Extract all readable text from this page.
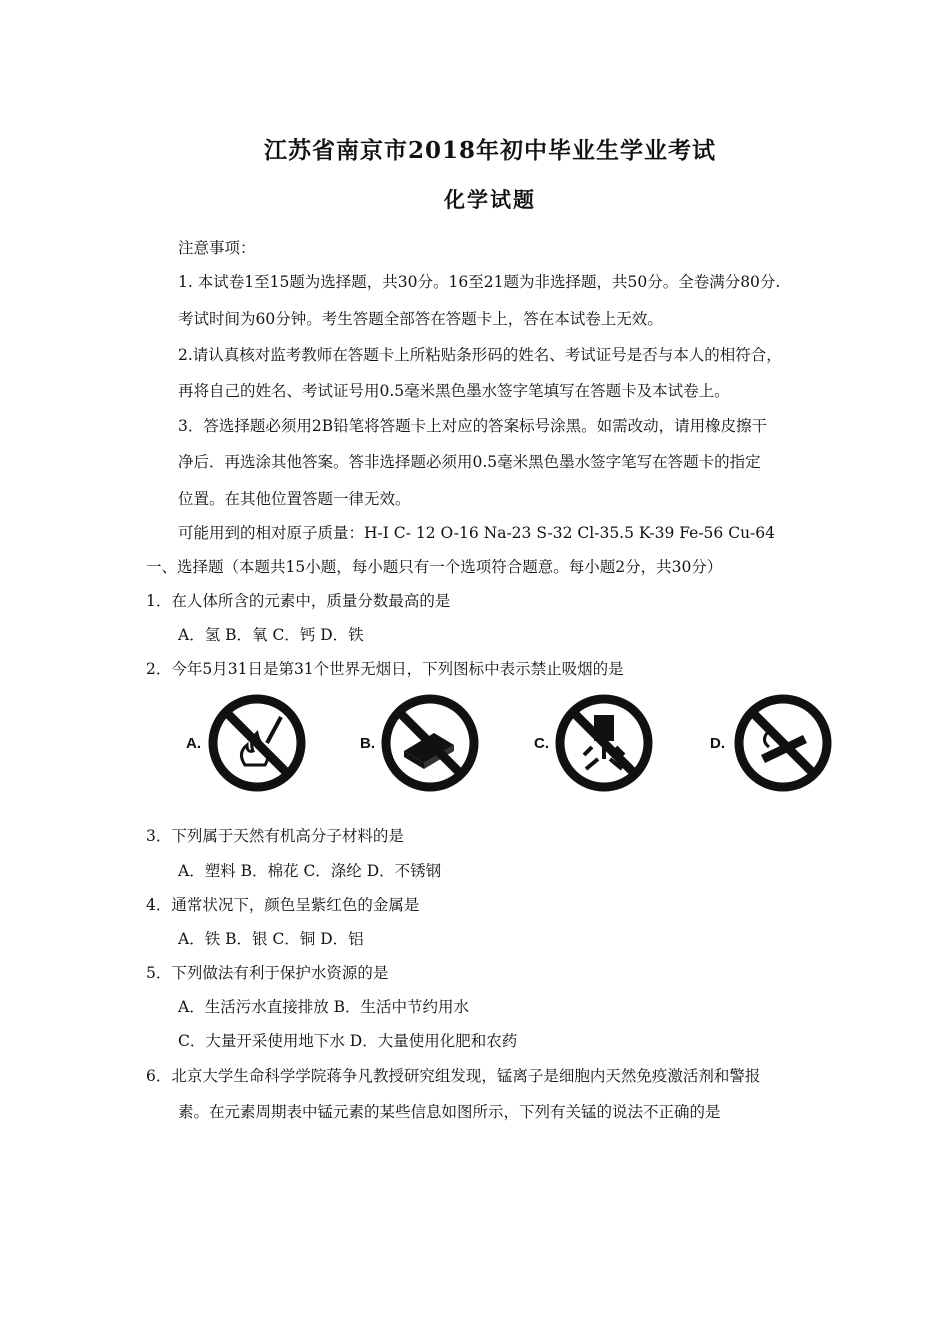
江苏省南京市2018年初中毕业生学业考试
化学试题
注意事项：
1. 本试卷1至15题为选择题，共30分。16至21题为非选择题，共50分。全卷满分80分.
考试时间为60分钟。考生答题全部答在答题卡上，答在本试卷上无效。
2.请认真核对监考教师在答题卡上所粘贴条形码的姓名、考试证号是否与本人的相符合，
再将自己的姓名、考试证号用0.5毫米黑色墨水签字笔填写在答题卡及本试卷上。
3．答选择题必须用2B铅笔将答题卡上对应的答案标号涂黑。如需改动，请用橡皮擦干
净后．再选涂其他答案。答非选择题必须用0.5毫米黑色墨水签字笔写在答题卡的指定
位置。在其他位置答题一律无效。
可能用到的相对原子质量：H-I C- 12 O-16 Na-23 S-32 Cl-35.5 K-39 Fe-56 Cu-64
一、选择题（本题共15小题，每小题只有一个选项符合题意。每小题2分，共30分）
1．在人体所含的元素中，质量分数最高的是
A．氢 B．氧 C．钙 D．铁
2．今年5月31日是第31个世界无烟日，下列图标中表示禁止吸烟的是
A.	B.	C.	D.
3．下列属于天然有机高分子材料的是
A．塑料 B．棉花 C．涤纶 D．不锈钢
4．通常状况下，颜色呈紫红色的金属是
A．铁 B．银 C．铜 D．铝
5．下列做法有利于保护水资源的是
A．生活污水直接排放 B．生活中节约用水
C．大量开采使用地下水 D．大量使用化肥和农药
6．北京大学生命科学学院蒋争凡教授研究组发现，锰离子是细胞内天然免疫激活剂和警报
素。在元素周期表中锰元素的某些信息如图所示，下列有关锰的说法不正确的是
